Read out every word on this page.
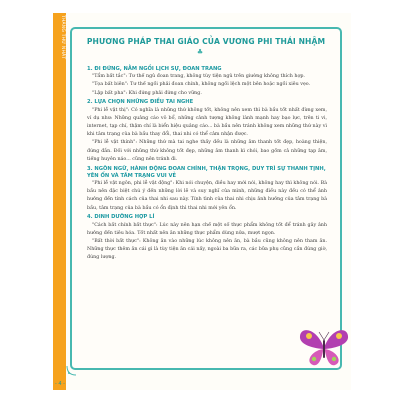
THÁNG THỨ NHẤT	PHƯƠNG PHÁP THAI GIÁO CỦA VƯƠNG PHI THÁI NHẬM
♣

1. ĐI ĐỨNG, NẰM NGỒI LỊCH SỰ, ĐOAN TRANG

"Tẩm bất tắc": Tư thế ngủ đoan trang, không tùy tiện ngủ trên giường không thích hợp.

"Tọa bất biên": Tư thế ngồi phải đoan chính, không ngồi lệch một bên hoặc ngồi xiêu vẹo.

"Lập bất pha": Khi đứng phải đứng cho vững.

2. LỰA CHỌN NHỮNG ĐIỀU TAI NGHE

"Phi lễ vật thị": Có nghĩa là những thứ không tốt, không nên xem thì bà bầu tốt nhất đừng xem, ví dụ như: Những quảng cáo vô bổ, những cảnh tượng không lành mạnh hay bạo lực, trên ti vi, internet, tạp chí, thậm chí là biển hiệu quảng cáo... bà bầu nên tránh không xem những thứ này vì khi tâm trạng của bà bầu thay đổi, thai nhi có thể cảm nhận được.

"Phi lễ vật thính": Những thứ mà tai nghe thấy đều là những âm thanh tốt đẹp, hoàng thiện, đứng đắn. Đối với những thứ không tốt đẹp, những âm thanh kì chói, bao gồm cả những tạp âm, tiếng huyên náo... cũng nên tránh đi.

3. NGÔN NGỮ, HÀNH ĐỘNG ĐOAN CHÍNH, THẬN TRỌNG, DUY TRÌ SỰ THANH TỊNH, YÊN ỔN VÀ TÂM TRẠNG VUI VẺ

"Phi lễ vật ngôn, phi lễ vật động": Khi nói chuyện, điều hay mới nói, không hay thì không nói. Bà bầu nên đặc biệt chú ý đến những lời lẽ và suy nghĩ của mình, những điều này đều có thể ảnh hưởng đến tính cách của thai nhi sau này. Tính tình của thai nhi chịu ảnh hưởng của tâm trạng bà bầu, tâm trạng của bà bầu có ổn định thì thai nhi mới yên ổn.

4. DINH DƯỠNG HỢP LÍ

"Cách bất chính bất thực": Lúc này nên hạn chế một số thực phẩm không tốt để tránh gây ảnh hưởng đến tiêu hóa. Tốt nhất nên ăn những thực phẩm dùng nửa, mượt ngọn.

"Bất thời bất thực": Không ăn vào những lúc không nên ăn, bà bầu cũng không nên tham ăn. Những thực thêm ăn cái gì là tùy tiện ăn cái nấy, ngoài ba bữa ra, các bữa phụ cũng cần đúng giờ, đúng lượng.

- 4 -
